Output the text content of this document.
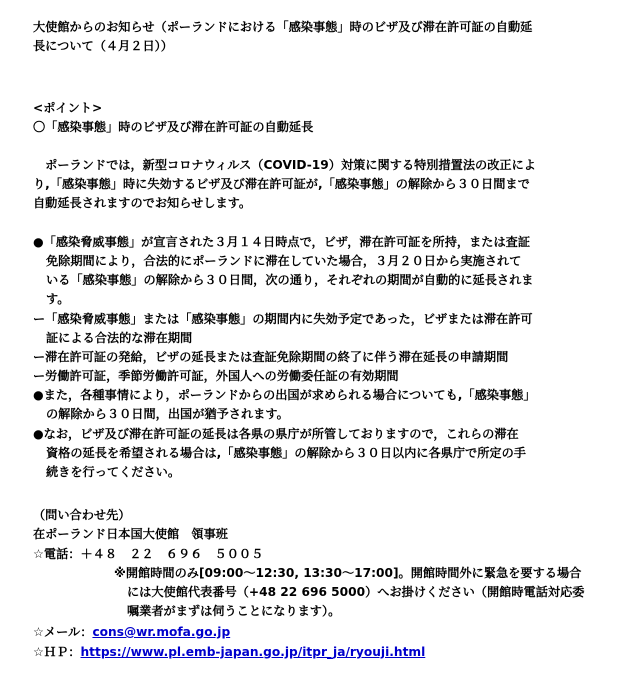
大使館からのお知らせ（ポーランドにおける「感染事態」時のビザ及び滞在許可証の自動延
長について（４月２日））
<ポイント>
〇「感染事態」時のビザ及び滞在許可証の自動延長
　ポーランドでは，新型コロナウィルス（COVID-19）対策に関する特別措置法の改正によ
り,「感染事態」時に失効するビザ及び滞在許可証が,「感染事態」の解除から３０日間まで
自動延長されますのでお知らせします。
●「感染脅威事態」が宣言された３月１４日時点で，ビザ，滞在許可証を所持，または査証
免除期間により，合法的にポーランドに滞在していた場合，３月２０日から実施されて
いる「感染事態」の解除から３０日間，次の通り，それぞれの期間が自動的に延長されま
す。
ー「感染脅威事態」または「感染事態」の期間内に失効予定であった，ビザまたは滞在許可
証による合法的な滞在期間
ー滞在許可証の発給，ビザの延長または査証免除期間の終了に伴う滞在延長の申請期間
ー労働許可証，季節労働許可証，外国人への労働委任証の有効期間
●また，各種事情により，ポーランドからの出国が求められる場合についても,「感染事態」
の解除から３０日間，出国が猶予されます。
●なお，ビザ及び滞在許可証の延長は各県の県庁が所管しておりますので，これらの滞在
資格の延長を希望される場合は,「感染事態」の解除から３０日以内に各県庁で所定の手
続きを行ってください。
（問い合わせ先）
在ポーランド日本国大使館　領事班
☆電話：＋４８　２２　６９６　５００５
※開館時間のみ[09:00～12:30, 13:30～17:00]。開館時間外に緊急を要する場合
には大使館代表番号（+48 22 696 5000）へお掛けください（開館時電話対応委
嘱業者がまずは伺うことになります）。
☆メール：cons@wr.mofa.go.jp
☆ＨＰ：https://www.pl.emb-japan.go.jp/itpr_ja/ryouji.html
